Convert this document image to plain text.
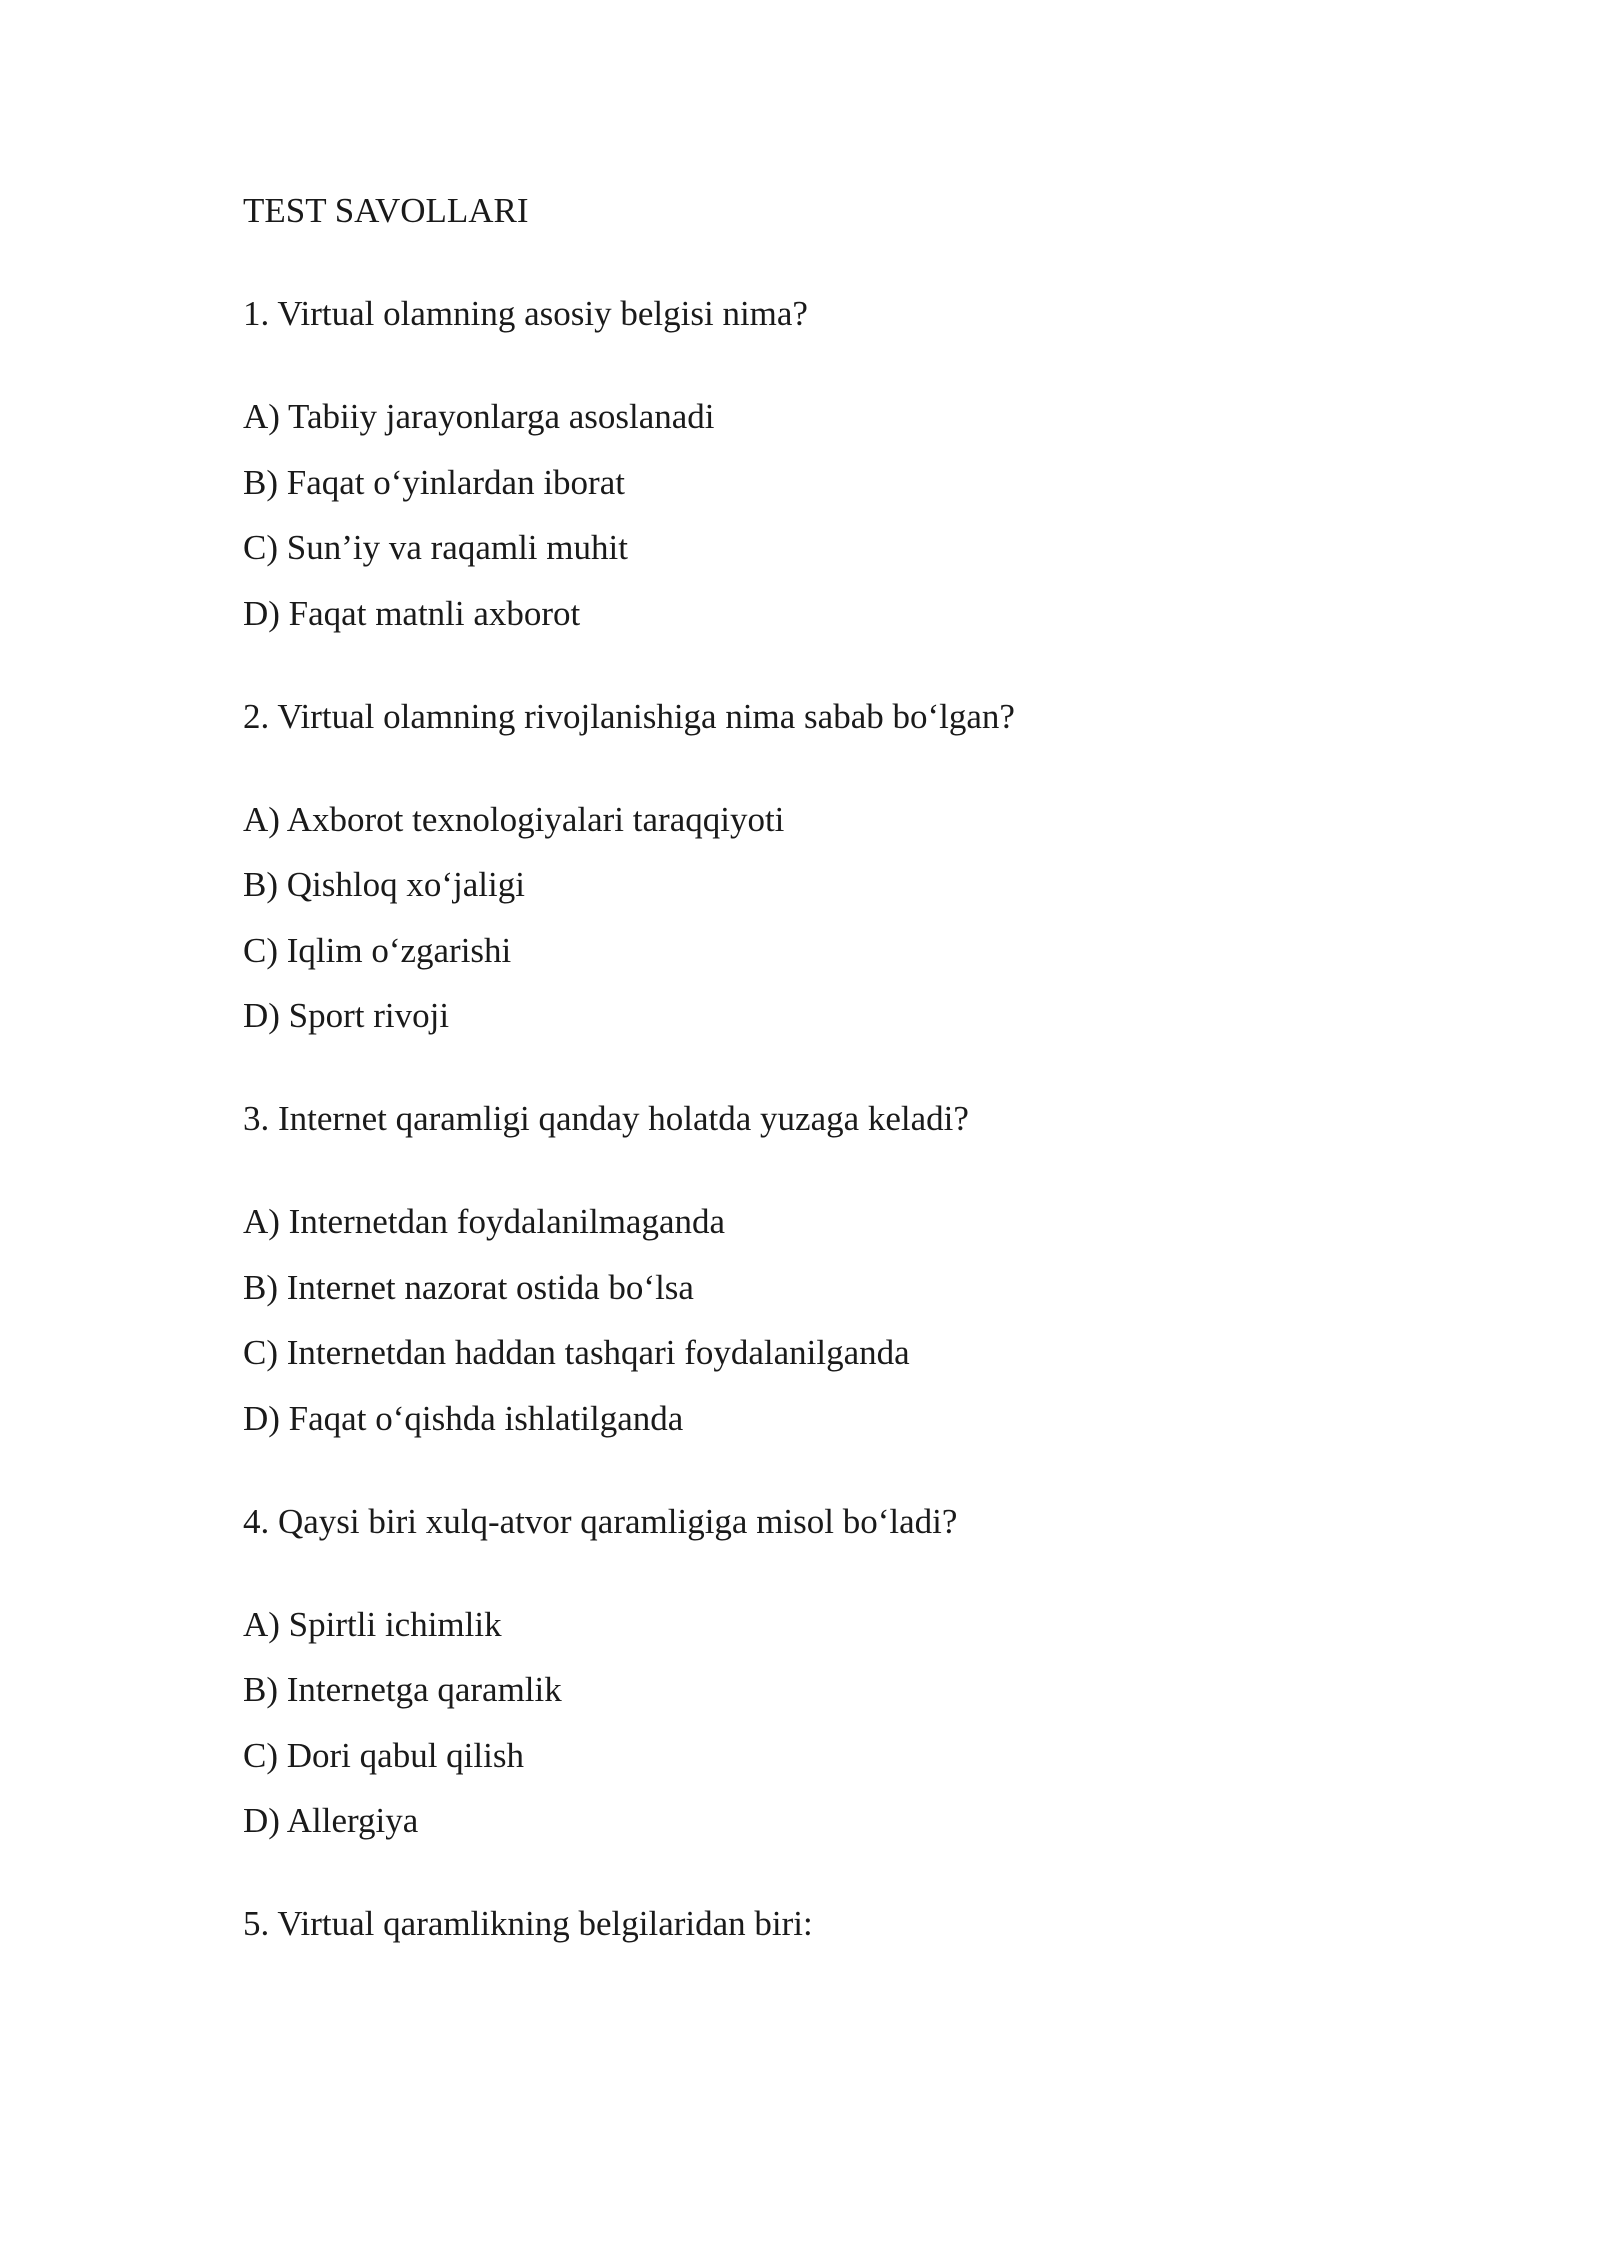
TEST SAVOLLARI
1. Virtual olamning asosiy belgisi nima?
A) Tabiiy jarayonlarga asoslanadi
B) Faqat o‘yinlardan iborat
C) Sun’iy va raqamli muhit
D) Faqat matnli axborot
2. Virtual olamning rivojlanishiga nima sabab bo‘lgan?
A) Axborot texnologiyalari taraqqiyoti
B) Qishloq xo‘jaligi
C) Iqlim o‘zgarishi
D) Sport rivoji
3. Internet qaramligi qanday holatda yuzaga keladi?
A) Internetdan foydalanilmaganda
B) Internet nazorat ostida bo‘lsa
C) Internetdan haddan tashqari foydalanilganda
D) Faqat o‘qishda ishlatilganda
4. Qaysi biri xulq-atvor qaramligiga misol bo‘ladi?
A) Spirtli ichimlik
B) Internetga qaramlik
C) Dori qabul qilish
D) Allergiya
5. Virtual qaramlikning belgilaridan biri:
